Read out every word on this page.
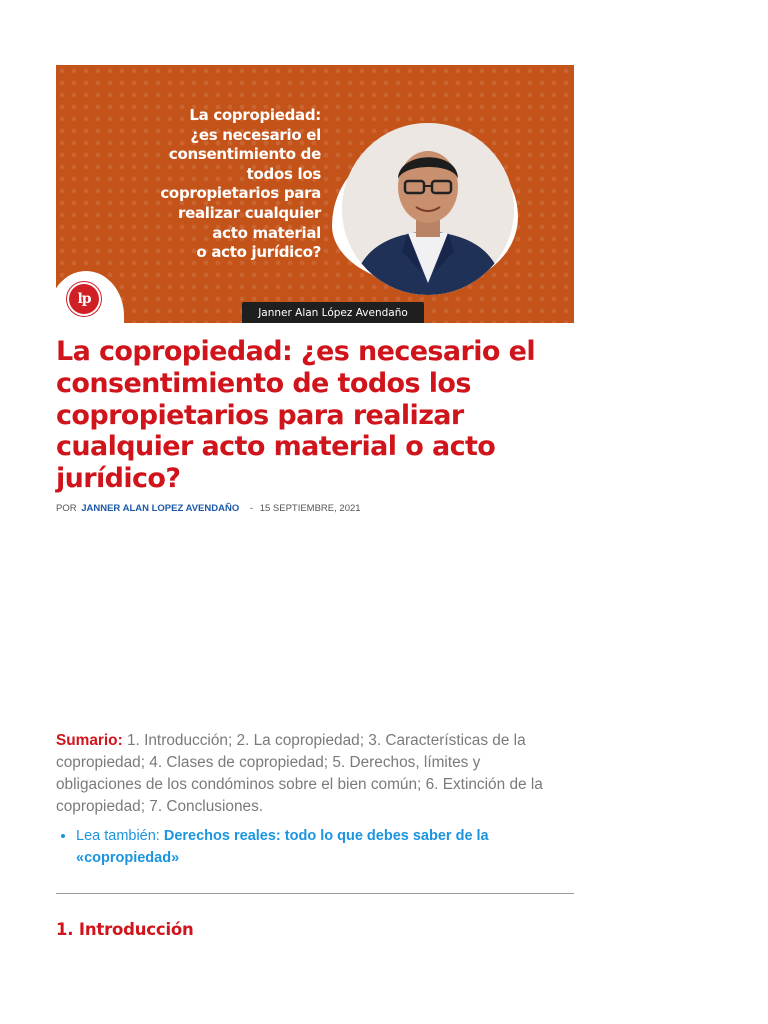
La copropiedad:
¿es necesario el
consentimiento de
todos los
copropietarios para
realizar cualquier
acto material
o acto jurídico?
lp
Janner Alan López Avendaño
La copropiedad: ¿es necesario el consentimiento de todos los copropietarios para realizar cualquier acto material o acto jurídico?
POR JANNER ALAN LOPEZ AVENDAÑO - 15 SEPTIEMBRE, 2021

Sumario: 1. Introducción; 2. La copropiedad; 3. Características de la copropiedad; 4. Clases de copropiedad; 5. Derechos, límites y obligaciones de los condóminos sobre el bien común; 6. Extinción de la copropiedad; 7. Conclusiones.

• Lea también: Derechos reales: todo lo que debes saber de la «copropiedad»
1. Introducción
